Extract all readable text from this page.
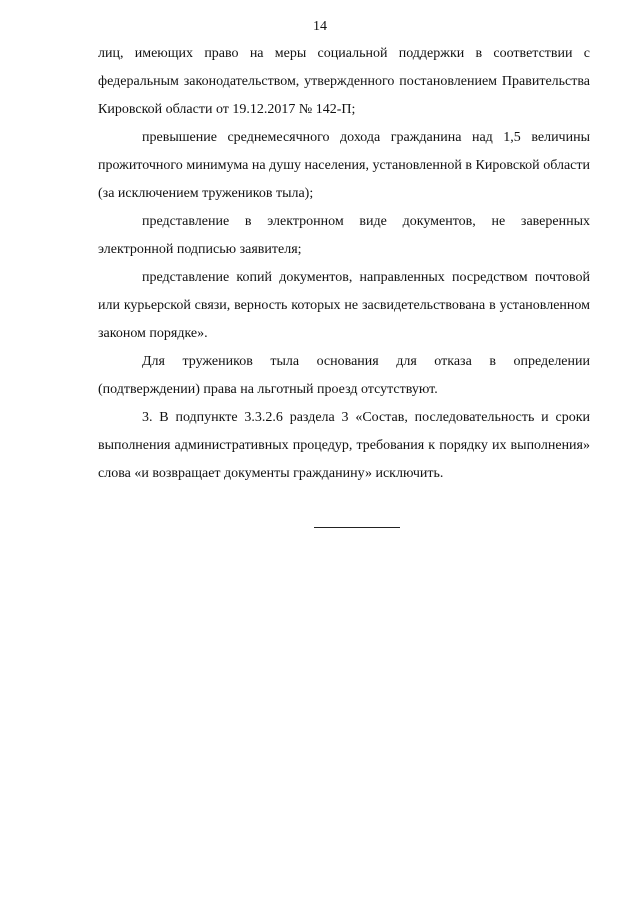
14

лиц, имеющих право на меры социальной поддержки в соответствии с федеральным законодательством, утвержденного постановлением Правительства Кировской области от 19.12.2017 № 142-П;

превышение среднемесячного дохода гражданина над 1,5 величины прожиточного минимума на душу населения, установленной в Кировской области (за исключением тружеников тыла);

представление в электронном виде документов, не заверенных электронной подписью заявителя;

представление копий документов, направленных посредством почтовой или курьерской связи, верность которых не засвидетельствована в установленном законом порядке».

Для тружеников тыла основания для отказа в определении (подтверждении) права на льготный проезд отсутствуют.

3. В подпункте 3.3.2.6 раздела 3 «Состав, последовательность и сроки выполнения административных процедур, требования к порядку их выполнения» слова «и возвращает документы гражданину» исключить.
